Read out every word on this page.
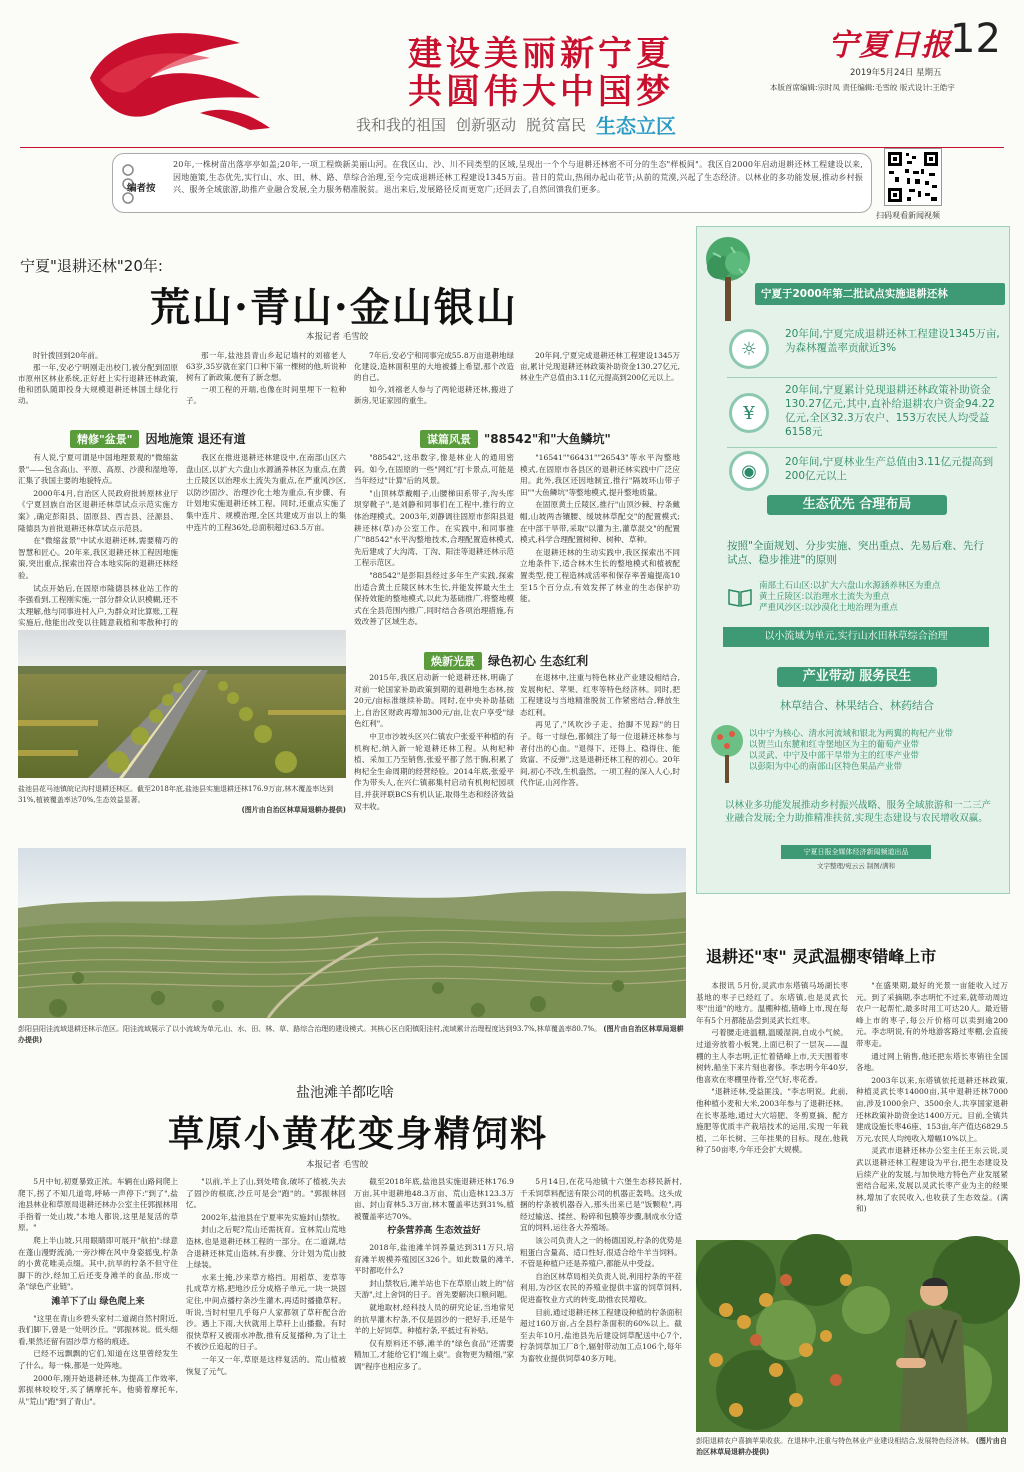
建设美丽新宁夏
共圆伟大中国梦
宁夏日报
12
2019年5月24日 星期五
本版首席编辑:宗时凤 责任编辑:毛雪皎 版式设计:王皓宇
我和我的祖国 创新驱动 脱贫富民 生态立区
扫码观看新闻视频
编者按
20年,一株树苗出落亭亭如盖;20年,一项工程焕新美丽山河。在我区山、沙、川不同类型的区域,呈现出一个个与退耕还林密不可分的生态"样板间"。我区自2000年启动退耕还林工程建设以来,因地施策,生态优先,实行山、水、田、林、路、草综合治理,至今完成退耕还林工程建设1345万亩。昔日的荒山,热闹办起山花节;从前的荒漠,兴起了生态经济。以林业的多功能发展,推动乡村振兴、服务全域旅游,助推产业融合发展,全力服务精准脱贫。退出来后,发展路径反而更宽广;还回去了,自然回馈我们更多。
宁夏"退耕还林"20年:
荒山·青山·金山银山
本报记者 毛雪皎

时针拨回到20年前。

那一年,安必宁明刚走出校门,被分配到固原市原州区林业系统,正好赶上实行退耕还林政策,他和团队随即投身大规模退耕还林国土绿化行动。

那一年,盐池县青山乡起记墙村的刘禧老人63岁,35岁就在家门口种下第一棵树的他,听说种树有了新政策,便有了新念想。

一项工程的开端,也像在时间里埋下一粒种子。

7年后,安必宁和同事完成55.8万亩退耕地绿化建设,造林面积里的大地被播上希望,那个改造的自己。

如今,刘禧老人参与了两轮退耕还林,搬进了新房,见证家园的重生。

20年间,宁夏完成退耕还林工程建设1345万亩,累计兑现退耕还林政策补助资金130.27亿元,林业生产总值由3.11亿元提高到200亿元以上。

精修"盆景"	因地施策 退还有道

有人说,宁夏可谓是中国地理景观的"微缩盆景"——包含高山、平原、高原、沙漠和湿地等,汇集了我国主要的地貌特点。

2000年4月,自治区人民政府批转原林业厅《宁夏回族自治区退耕还林草试点示范实施方案》,确定彭阳县、固原县、西吉县、泾源县、隆德县为首批退耕还林草试点示范县。

在"微缩盆景"中试水退耕还林,需要精巧的智慧和匠心。20年来,我区退耕还林工程因地施策,突出重点,探索出符合本地实际的退耕还林经验。

试点开始后,在固原市隆德县林业站工作的李强看到,工程刚实施,一部分群众认识模糊,还不太理解,他与同事进村入户,为群众对比算账,工程实施后,他能出改变以往随意栽植和零散种打的

我区在推进退耕还林建设中,在南部山区六盘山区,以扩大六盘山水源涵养林区为重点,在黄土丘陵区以治理水土流失为重点,在严重风沙区,以防沙固沙、治理沙化土地为重点,有步骤、有计划地实施退耕还林工程。同时,还重点实施了集中连片、规模治理,全区共建成万亩以上的集中连片的工程36处,总面积超过63.5万亩。

谋篇风景	"88542"和"大鱼鳞坑"

"88542",这串数字,像是林业人的通用密码。如今,在固原的一些"网红"打卡景点,可能是当年经过"计算"后的风景。

"山顶林草戴帽子,山腰梯田系带子,沟头库坝穿靴子",是刘静和同事们在工程中,推行的立体治理模式。2003年,刘静调往固原市彭阳县退耕还林(草)办公室工作。在实践中,和同事推广"88542"水平沟整地技术,合理配置造林模式,先后建成了大沟湾、丁沟、阳洼等退耕还林示范工程示范区。

"88542"是彭阳县经过多年生产实践,探索出适合黄土丘陵区林木生长,并能发挥最大生土保持效能的整地模式,以此为基础推广,将整地模式在全县范围内推广,同时结合各项治理措施,有效改善了区域生态。

"16541""66431""26543"等水平沟整地模式,在固原市各县区的退耕还林实践中广泛应用。此外,我区还因地制宜,推行"隔坡环山带子田""大鱼鳞坑"等整地模式,提升整地质量。

在固原黄土丘陵区,推行"山顶沙棘、柠条戴帽,山坡两杏镶腰、缓坡林草配交"的配置模式;在中部干旱带,采取"以灌为主,灌草混交"的配置模式,科学合理配置树种、树种、草种。

在退耕还林的生动实践中,我区探索出不同立地条件下,适合林木生长的整地模式和植被配置类型,使工程造林成活率和保存率普遍提高10至15个百分点,有效发挥了林业的生态保护功能。

盐池县花马池镇皖记沟村退耕还林区。截至2018年底,盐池县实施退耕还林176.9万亩,林木覆盖率达到31%,植被覆盖率达70%,生态效益显著。
(图片由自治区林草局退耕办提供)
焕新光景	绿色初心 生态红利

2015年,我区启动新一轮退耕还林,明确了对前一轮国家补助政策到期的退耕地生态林,按20元/亩标准继续补助。同时,在中央补助基础上,自治区财政再增加300元/亩,让农户享受"绿色红利"。

中卫市沙坡头区兴仁镇农户张爱平种植的有机枸杞,纳入新一轮退耕还林工程。从枸杞种植、采加工乃至销售,张爱平都了然于胸,积累了枸杞全生命周期的经营经验。2014年底,张爱平作为带头人,在兴仁镇郝集村启动有机枸杞园项目,并获评联BCS有机认证,取得生态和经济效益双丰收。

在退林中,注重与特色林业产业建设相结合,发展枸杞、苹果、红枣等特色经济林。同时,把工程建设与当地精准脱贫工作紧密结合,释放生态红利。

再见了,"风吹沙子走、抬脚不见踪"的日子。每一寸绿色,都倾注了每一位退耕还林参与者付出的心血。"退得下、还得上、稳得住、能致富、不反弹",这是退耕还林工程的初心。20年间,初心不改,生机盎然。一项工程的深入人心,时代作证,山河作答。

宁夏于2000年第二批试点实施退耕还林
☼
20年间,宁夏完成退耕还林工程建设1345万亩,为森林覆盖率贡献近3%
¥
20年间,宁夏累计兑现退耕还林政策补助资金130.27亿元,其中,直补给退耕农户资金94.22亿元,全区32.3万农户、153万农民人均受益6158元
◉	20年间,宁夏林业生产总值由3.11亿元提高到200亿元以上
生态优先 合理布局
按照"全面规划、分步实施、突出重点、先易后难、先行试点、稳步推进"的原则
南部土石山区:以扩大六盘山水源涵养林区为重点
黄土丘陵区:以治理水土流失为重点
严重风沙区:以沙漠化土地治理为重点
以小流域为单元,实行山水田林草综合治理
产业带动 服务民生
林草结合、林果结合、林药结合
以中宁为核心、清水河流域和银北为两翼的枸杞产业带
以贺兰山东麓和红寺堡地区为主的葡萄产业带
以灵武、中宁及中部干旱带为主的红枣产业带
以彭阳为中心的南部山区特色果品产业带
以林业多功能发展推动乡村振兴战略、服务全域旅游和一二三产业融合发展;全力助推精准扶贫,实现生态建设与农民增收双赢。
宁夏日报全媒体经济新闻频道出品
文字整理/宛云云 制图/满和
彭阳县阳洼流域退耕还林示范区。阳洼流域展示了以小流域为单元,山、水、田、林、草、路综合治理的建设模式。其核心区白阳镇阳洼村,流域累计治理程度达到93.7%,林草覆盖率80.7%。 (图片由自治区林草局退耕办提供)
盐池滩羊都吃啥
草原小黄花变身精饲料
本报记者 毛雪皎

5月中旬,初夏暴致正浓。车辆在山路间爬上爬下,拐了不知几道弯,呼哧一声停下:"到了",盐池县林业和草原局退耕还林办公室主任郭振林用手指着一处山坡,"本地人都说,这里是复活的草原。"

爬上半山坡,只用眼睛即可展开"航拍":绿意在蓬山漫野流淌,一旁沙柳在风中身姿摇曳,柠条的小黄花唯美点缀。其中,抗旱的柠条不但守住脚下的沙,经加工后还变身滩羊的食品,形成一条"绿色产业链"。

滩羊下了山 绿色爬上来

"这里在青山乡碧头家村二道湖自然村附近,我们脚下,曾是一处明沙丘。"郭振林说。低头细看,果然还留有固沙草方格的痕迹。

已经不远飘飘的它们,知道在这里曾经发生了什么。每一株,都是一处阵地。

2000年,刚开始退耕还林,为提高工作效率,郭振林咬咬牙,买了辆摩托车。他骑着摩托车,从"荒山"跑"到了青山"。

"以前,羊上了山,到处啃食,破坏了植被,失去了固沙的根底,沙丘可是会"跑"的。"郭振林回忆。

2002年,盐池县在宁夏率先实施封山禁牧。

封山之后呢?荒山还需抚育。宜林荒山荒地造林,也是退耕还林工程的一部分。在二道湖,结合退耕还林荒山造林,有步骤、分计划为荒山披上绿装。

水来土掩,沙来草方格挡。用稻草、麦草等扎成草方格,把地沙丘分成格子单元,一块一块固定住,中间点播柠条沙生灌木,再适时播撒草籽。听说,当时村里几乎每户人家都领了草秆配合治沙。遇上下雨,大伙就用上草秆上山播撒。有时很快草籽又被雨水冲散,推有反复播种,为了让土不被沙丘追起的日子。

一年又一年,草原是这样复活的。荒山植被恢复了元气。

截至2018年底,盐池县实施退耕还林176.9万亩,其中退耕地48.3万亩、荒山造林123.3万亩、封山育林5.3万亩,林木覆盖率达到31%,植被覆盖率达70%。

柠条营养高 生态效益好

2018年,盐池滩羊饲养量达到311万只,培育滩羊规模养殖园区326个。如此数量的滩羊,平时都吃什么?

封山禁牧后,滩羊站也下在草原山坡上的"信天游",过上舍饲的日子。首先要解决口粮问题。

就地取材,经科技人员的研究论证,当地常见的抗旱灌木柠条,不仅是固沙的一把好手,还是牛羊的上好饲草。种植柠条,平抵过有补贴。

仅有原料还不够,滩羊的"绿色食品"还需要精加工,才能给它们"端上桌"。食物更为精细,"家调"程序也相应多了。

5月14日,在花马池镇十六堡生态移民新村,千禾饲草料配送有限公司的机器正轰鸣。这头成捆的柠条被机器吞入,那头出来已是"饭颗粒",再经过输送、揉丝、粉碎和包膜等步骤,制成水分适宜的饲料,运往各大养殖场。

该公司负责人之一的杨德国说,柠条的优势是粗蛋白含量高、适口性好,很适合给牛羊当饲料。不管是种植户还是养殖户,都能从中受益。

自治区林草局相关负责人说,利用柠条的平茬利用,为沙区农民的养殖业提供丰富的饲草饲料,促进畜牧业方式的转变,助推农民增收。

目前,通过退耕还林工程建设种植的柠条面积超过160万亩,占全县柠条面积的60%以上。截至去年10月,盐池县先后建设饲草配送中心7个,柠条饲草加工厂8个,辐射带动加工点106个,每年为畜牧业提供饲草40多万吨。

退耕还"枣" 灵武温棚枣错峰上市

本报讯 5月份,灵武市东塔镇马场湖长枣基地的枣子已经红了。东塔镇,也是灵武长枣"出道"的地方。温棚种植,错峰上市,现在每年有5个月都能品尝到灵武长红枣。

弓着腰走进温棚,温暖湿润,自成小气候。过道旁放着小板凳,上面已积了一层灰——温棚的主人李志明,正忙着错峰上市,天天围着枣树转,船坐下来片刻也奢侈。李志明今年40岁,他喜欢在枣棚里待着,空气好,枣花香。

"退耕还林,受益匪浅。"李志明说。此前,他种植小麦和大米,2003年参与了退耕还林。在长枣基地,通过大穴培肥、冬剪夏摘、配方施肥等优质丰产栽培技术的运用,实现一年栽植、二年长树、三年挂果的目标。现在,他栽种了50亩枣,今年还会扩大规模。

"在盛果期,最好的光景一亩能收入过万元。到了采摘期,李志明忙不过来,就带动周边农户一起帮忙,最多时用工可达20人。最近错峰上市的枣子,每公斤价格可以卖到逾200元。李志明说,有的外地游客路过枣棚,会直接带枣走。

通过网上销售,他还把东塔长枣销往全国各地。

2003年以来,东塔镇依托退耕还林政策,种植灵武长枣14000亩,其中退耕还林7000亩,涉及1000余户、3500余人,共享国家退耕还林政策补助资金达1400万元。目前,全镇共建成设施长枣46座、153亩,年产值达6829.5万元,农民人均纯收入增幅10%以上。

灵武市退耕还林办公室主任王东云说,灵武以退耕还林工程建设为平台,把生态建设及后续产业的发展,与加快地方特色产业发展紧密结合起来,发展以灵武长枣产业为主的经果林,增加了农民收入,也收获了生态效益。(满和)

彭阳退耕农户喜摘苹果收获。在退林中,注重与特色林业产业建设相结合,发展特色经济林。 (图片由自治区林草局退耕办提供)
